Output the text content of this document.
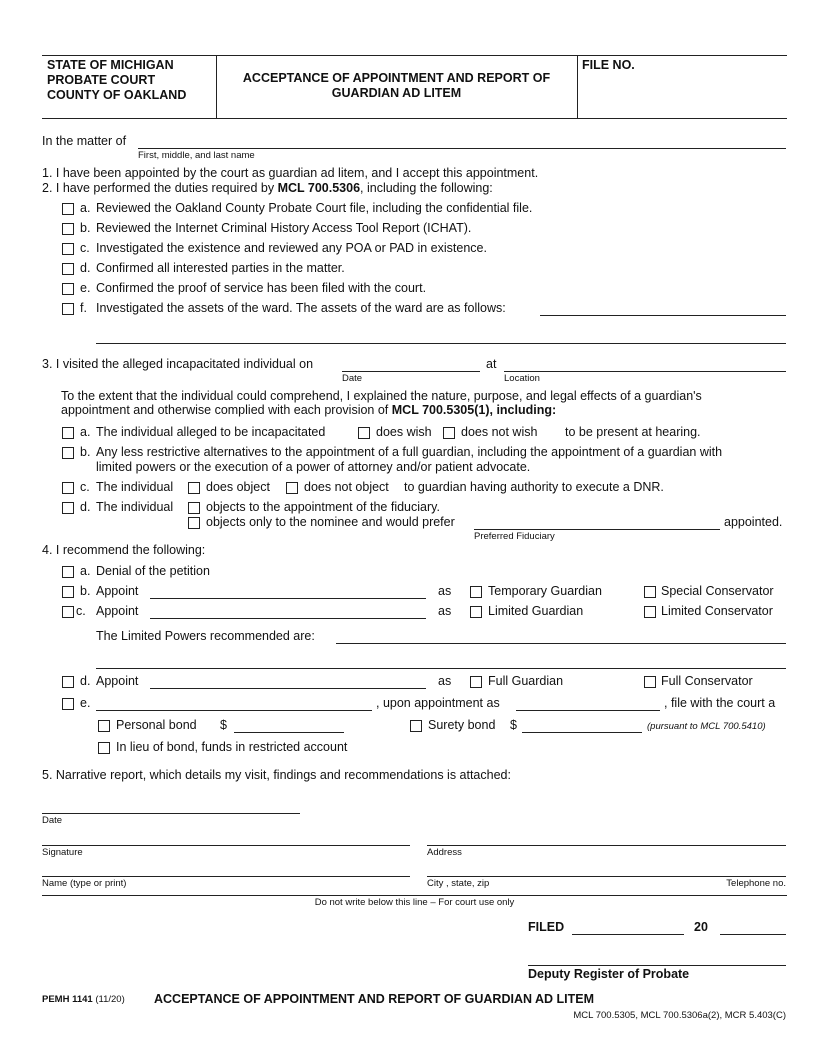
STATE OF MICHIGAN
PROBATE COURT
COUNTY OF OAKLAND
ACCEPTANCE OF APPOINTMENT AND REPORT OF
GUARDIAN AD LITEM
FILE NO.
In the matter of
First, middle, and last name
1. I have been appointed by the court as guardian ad litem, and I accept this appointment.
2. I have performed the duties required by MCL 700.5306, including the following:
a. Reviewed the Oakland County Probate Court file, including the confidential file.
b. Reviewed the Internet Criminal History Access Tool Report (ICHAT).
c. Investigated the existence and reviewed any POA or PAD in existence.
d. Confirmed all interested parties in the matter.
e. Confirmed the proof of service has been filed with the court.
f. Investigated the assets of the ward. The assets of the ward are as follows:
3. I visited the alleged incapacitated individual on	at
Date	Location
To the extent that the individual could comprehend, I explained the nature, purpose, and legal effects of a guardian's
appointment and otherwise complied with each provision of MCL 700.5305(1), including:
a. The individual alleged to be incapacitated	does wish does not wish to be present at hearing.
b. Any less restrictive alternatives to the appointment of a full guardian, including the appointment of a guardian with
limited powers or the execution of a power of attorney and/or patient advocate.
c. The individual	does object	does not object to guardian having authority to execute a DNR.
d. The individual	objects to the appointment of the fiduciary.
objects only to the nominee and would prefer	appointed.
Preferred Fiduciary
4. I recommend the following:
a. Denial of the petition
b. Appoint	as	Temporary Guardian	Special Conservator
c. Appoint	as	Limited Guardian	Limited Conservator
The Limited Powers recommended are:
d. Appoint	as	Full Guardian	Full Conservator
e.	, upon appointment as	, file with the court a
Personal bond $	Surety bond $	(pursuant to MCL 700.5410)
In lieu of bond, funds in restricted account
5. Narrative report, which details my visit, findings and recommendations is attached:
Date
Signature	Address
Name (type or print)	City , state, zip	Telephone no.
Do not write below this line – For court use only
FILED	20
Deputy Register of Probate
PEMH 1141 (11/20) ACCEPTANCE OF APPOINTMENT AND REPORT OF GUARDIAN AD LITEM
MCL 700.5305, MCL 700.5306a(2), MCR 5.403(C)
